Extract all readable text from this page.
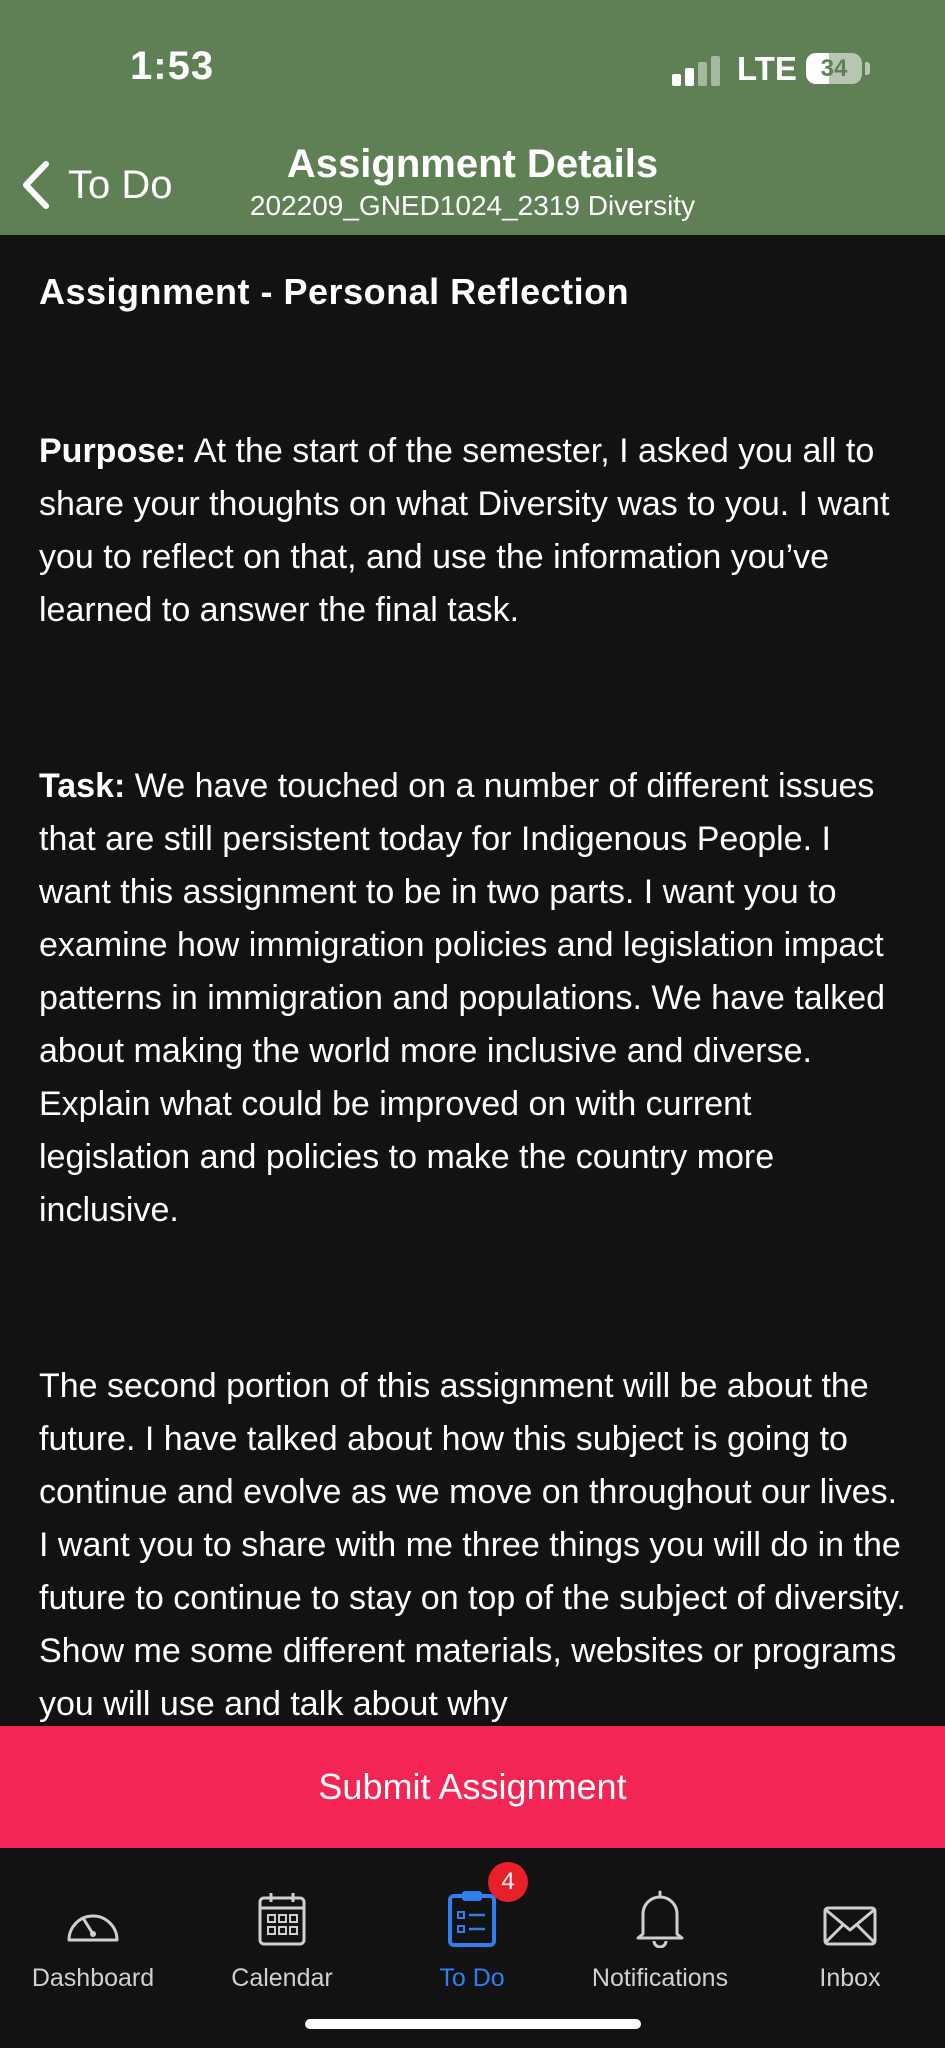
1:53	LTE 34
To Do	Assignment Details
202209_GNED1024_2319 Diversity
Assignment - Personal Reflection

Purpose: At the start of the semester, I asked you all to share your thoughts on what Diversity was to you. I want you to reflect on that, and use the information you’ve learned to answer the final task.

Task: We have touched on a number of different issues that are still persistent today for Indigenous People. I want this assignment to be in two parts. I want you to examine how immigration policies and legislation impact patterns in immigration and populations. We have talked about making the world more inclusive and diverse. Explain what could be improved on with current legislation and policies to make the country more inclusive.

The second portion of this assignment will be about the future. I have talked about how this subject is going to continue and evolve as we move on throughout our lives. I want you to share with me three things you will do in the future to continue to stay on top of the subject of diversity. Show me some different materials, websites or programs you will use and talk about why

Submit Assignment
Dashboard	Calendar
4
To Do	Notifications	Inbox
